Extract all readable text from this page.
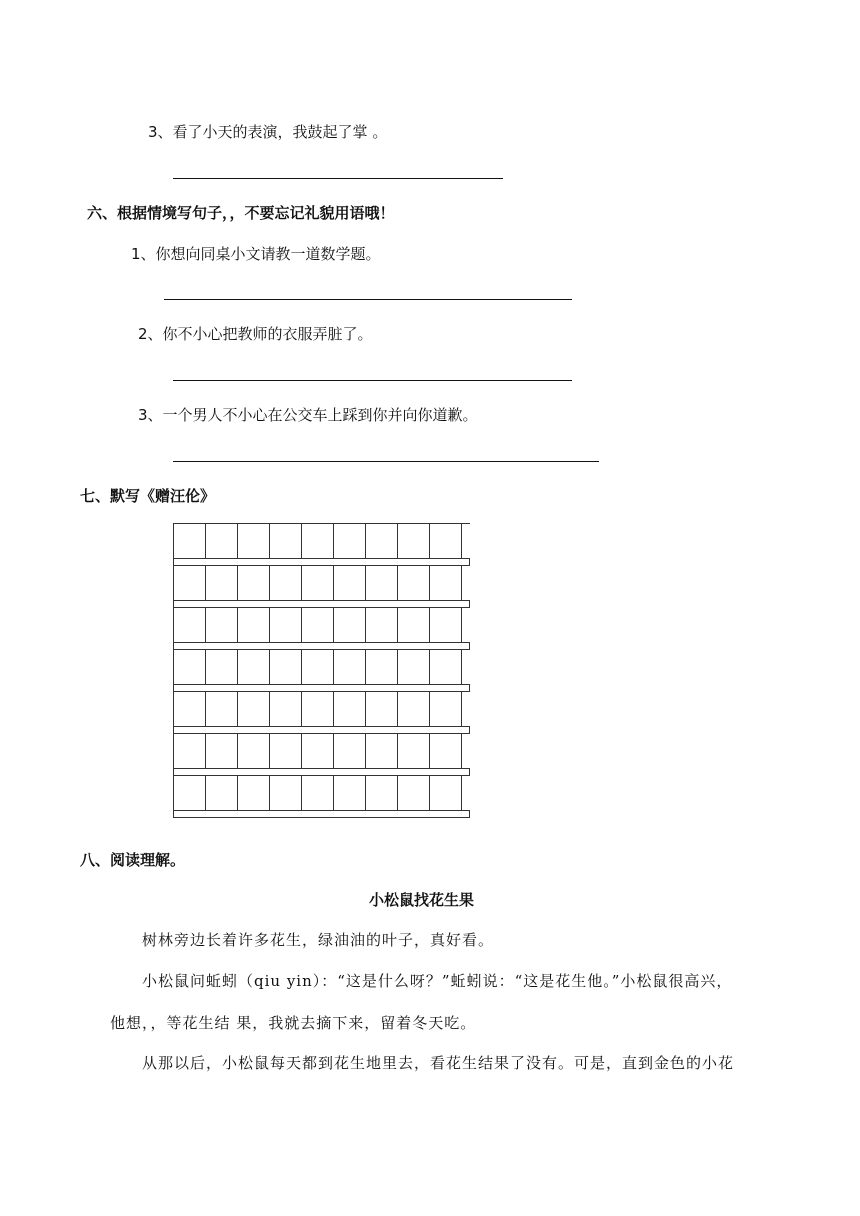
3、看了小天的表演，我鼓起了掌 。
六、根据情境写句子，，不要忘记礼貌用语哦！
1、你想向同桌小文请教一道数学题。
2、你不小心把教师的衣服弄脏了。
3、一个男人不小心在公交车上踩到你并向你道歉。
七、默写《赠汪伦》
八、阅读理解。
小松鼠找花生果
树林旁边长着许多花生，绿油油的叶子，真好看。
小松鼠问蚯蚓（qiu yin）：“这是什么呀？”蚯蚓说：“这是花生他。”小松鼠很高兴，
他想，，等花生结 果，我就去摘下来，留着冬天吃。
从那以后，小松鼠每天都到花生地里去，看花生结果了没有。可是，直到金色的小花
